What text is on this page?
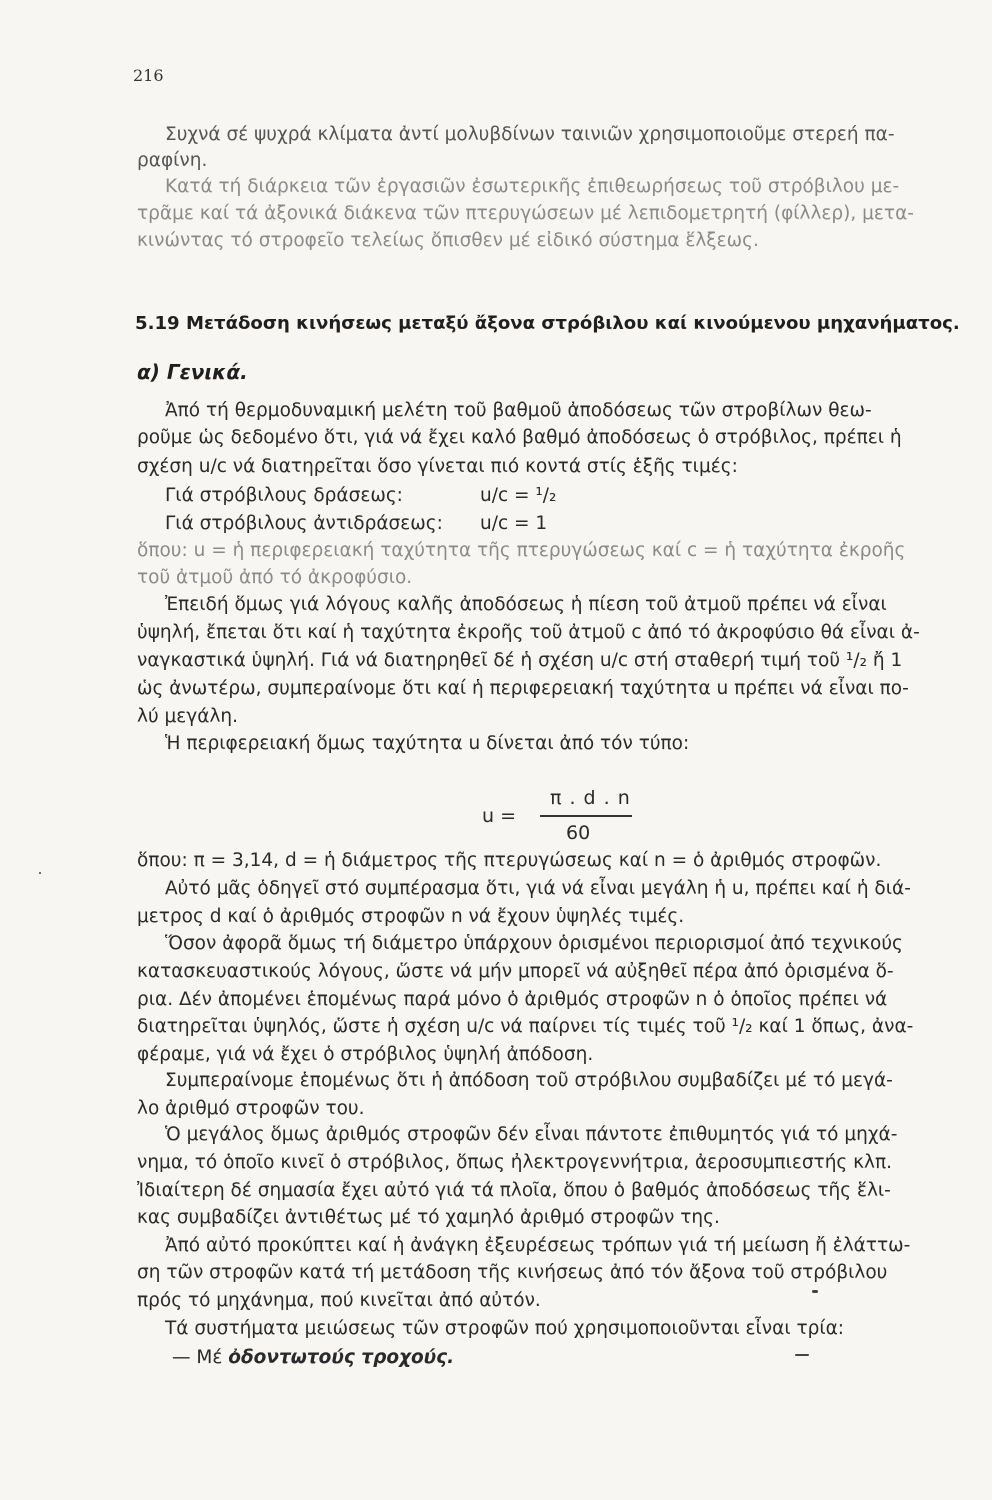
216
Συχνά σέ ψυχρά κλίματα ἀντί μολυβδίνων ταινιῶν χρησιμοποιοῦμε στερεή πα-
ραφίνη.
Κατά τή διάρκεια τῶν ἐργασιῶν ἐσωτερικῆς ἐπιθεωρήσεως τοῦ στρόβιλου με-
τρᾶμε καί τά ἀξονικά διάκενα τῶν πτερυγώσεων μέ λεπιδομετρητή (φίλλερ), μετα-
κινώντας τό στροφεῖο τελείως ὄπισθεν μέ εἰδικό σύστημα ἕλξεως.
5.19 Μετάδοση κινήσεως μεταξύ ἄξονα στρόβιλου καί κινούμενου μηχανήματος.
α) Γενικά.
Ἀπό τή θερμοδυναμική μελέτη τοῦ βαθμοῦ ἀποδόσεως τῶν στροβίλων θεω-
ροῦμε ὡς δεδομένο ὅτι, γιά νά ἔχει καλό βαθμό ἀποδόσεως ὁ στρόβιλος, πρέπει ἡ
σχέση u/c νά διατηρεῖται ὅσο γίνεται πιό κοντά στίς ἑξῆς τιμές:
Γιά στρόβιλους δράσεως:	u/c = ¹/₂
Γιά στρόβιλους ἀντιδράσεως: u/c = 1
ὅπου: u = ἡ περιφερειακή ταχύτητα τῆς πτερυγώσεως καί c = ἡ ταχύτητα ἐκροῆς
τοῦ ἀτμοῦ ἀπό τό ἀκροφύσιο.
Ἐπειδή ὅμως γιά λόγους καλῆς ἀποδόσεως ἡ πίεση τοῦ ἀτμοῦ πρέπει νά εἶναι
ὑψηλή, ἔπεται ὅτι καί ἡ ταχύτητα ἐκροῆς τοῦ ἀτμοῦ c ἀπό τό ἀκροφύσιο θά εἶναι ἀ-
ναγκαστικά ὑψηλή. Γιά νά διατηρηθεῖ δέ ἡ σχέση u/c στή σταθερή τιμή τοῦ ¹/₂ ἤ 1
ὡς ἀνωτέρω, συμπεραίνομε ὅτι καί ἡ περιφερειακή ταχύτητα u πρέπει νά εἶναι πο-
λύ μεγάλη.
Ἡ περιφερειακή ὅμως ταχύτητα u δίνεται ἀπό τόν τύπο:
u =
π . d . n
60
ὅπου: π = 3,14, d = ἡ διάμετρος τῆς πτερυγώσεως καί n = ὁ ἀριθμός στροφῶν.
Αὐτό μᾶς ὁδηγεῖ στό συμπέρασμα ὅτι, γιά νά εἶναι μεγάλη ἡ u, πρέπει καί ἡ διά-
μετρος d καί ὁ ἀριθμός στροφῶν n νά ἔχουν ὑψηλές τιμές.
Ὅσον ἀφορᾶ ὅμως τή διάμετρο ὑπάρχουν ὁρισμένοι περιορισμοί ἀπό τεχνικούς
κατασκευαστικούς λόγους, ὥστε νά μήν μπορεῖ νά αὐξηθεῖ πέρα ἀπό ὁρισμένα ὅ-
ρια. Δέν ἀπομένει ἑπομένως παρά μόνο ὁ ἀριθμός στροφῶν n ὁ ὁποῖος πρέπει νά
διατηρεῖται ὑψηλός, ὥστε ἡ σχέση u/c νά παίρνει τίς τιμές τοῦ ¹/₂ καί 1 ὅπως, ἀνα-
φέραμε, γιά νά ἔχει ὁ στρόβιλος ὑψηλή ἀπόδοση.
Συμπεραίνομε ἑπομένως ὅτι ἡ ἀπόδοση τοῦ στρόβιλου συμβαδίζει μέ τό μεγά-
λο ἀριθμό στροφῶν του.
Ὁ μεγάλος ὅμως ἀριθμός στροφῶν δέν εἶναι πάντοτε ἐπιθυμητός γιά τό μηχά-
νημα, τό ὁποῖο κινεῖ ὁ στρόβιλος, ὅπως ἠλεκτρογεννήτρια, ἀεροσυμπιεστής κλπ.
Ἰδιαίτερη δέ σημασία ἔχει αὐτό γιά τά πλοῖα, ὅπου ὁ βαθμός ἀποδόσεως τῆς ἕλι-
κας συμβαδίζει ἀντιθέτως μέ τό χαμηλό ἀριθμό στροφῶν της.
Ἀπό αὐτό προκύπτει καί ἡ ἀνάγκη ἐξευρέσεως τρόπων γιά τή μείωση ἤ ἐλάττω-
ση τῶν στροφῶν κατά τή μετάδοση τῆς κινήσεως ἀπό τόν ἄξονα τοῦ στρόβιλου
πρός τό μηχάνημα, πού κινεῖται ἀπό αὐτόν.
Τά συστήματα μειώσεως τῶν στροφῶν πού χρησιμοποιοῦνται εἶναι τρία:
— Μέ ὀδοντωτούς τροχούς.
